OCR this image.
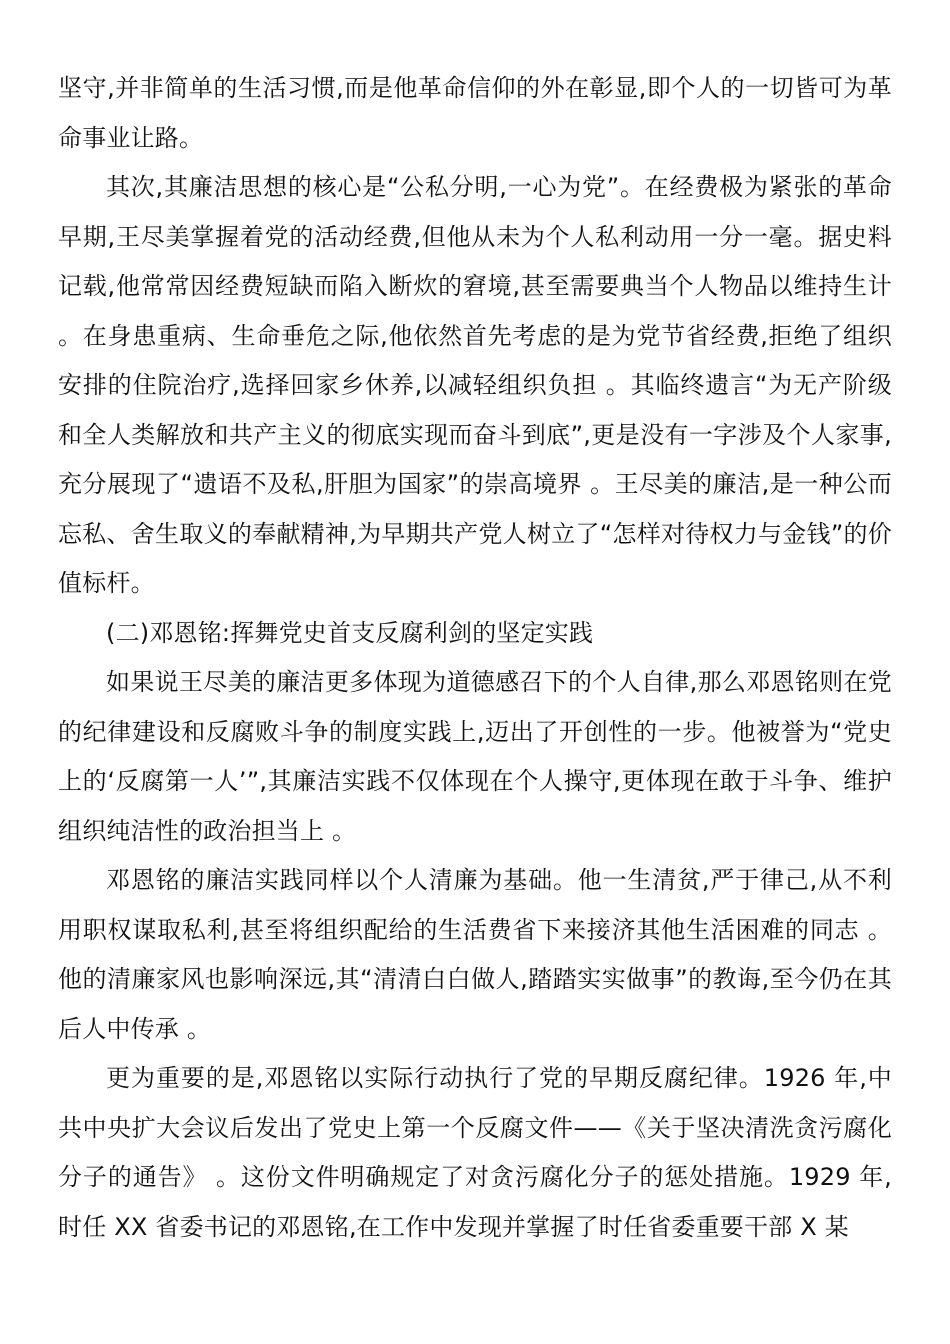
坚守,并非简单的生活习惯,而是他革命信仰的外在彰显,即个人的一切皆可为革命事业让路。

其次,其廉洁思想的核心是“公私分明,一心为党”。在经费极为紧张的革命早期,王尽美掌握着党的活动经费,但他从未为个人私利动用一分一毫。据史料记载,他常常因经费短缺而陷入断炊的窘境,甚至需要典当个人物品以维持生计 。在身患重病、生命垂危之际,他依然首先考虑的是为党节省经费,拒绝了组织安排的住院治疗,选择回家乡休养,以减轻组织负担 。其临终遗言“为无产阶级和全人类解放和共产主义的彻底实现而奋斗到底”,更是没有一字涉及个人家事,充分展现了“遗语不及私,肝胆为国家”的崇高境界 。王尽美的廉洁,是一种公而忘私、舍生取义的奉献精神,为早期共产党人树立了“怎样对待权力与金钱”的价值标杆。

(二)邓恩铭:挥舞党史首支反腐利剑的坚定实践

如果说王尽美的廉洁更多体现为道德感召下的个人自律,那么邓恩铭则在党的纪律建设和反腐败斗争的制度实践上,迈出了开创性的一步。他被誉为“党史上的‘反腐第一人’”,其廉洁实践不仅体现在个人操守,更体现在敢于斗争、维护组织纯洁性的政治担当上 。

邓恩铭的廉洁实践同样以个人清廉为基础。他一生清贫,严于律己,从不利用职权谋取私利,甚至将组织配给的生活费省下来接济其他生活困难的同志 。他的清廉家风也影响深远,其“清清白白做人,踏踏实实做事”的教诲,至今仍在其后人中传承 。

更为重要的是,邓恩铭以实际行动执行了党的早期反腐纪律。1926 年,中共中央扩大会议后发出了党史上第一个反腐文件——《关于坚决清洗贪污腐化分子的通告》 。这份文件明确规定了对贪污腐化分子的惩处措施。1929 年,时任 XX 省委书记的邓恩铭,在工作中发现并掌握了时任省委重要干部 X 某
